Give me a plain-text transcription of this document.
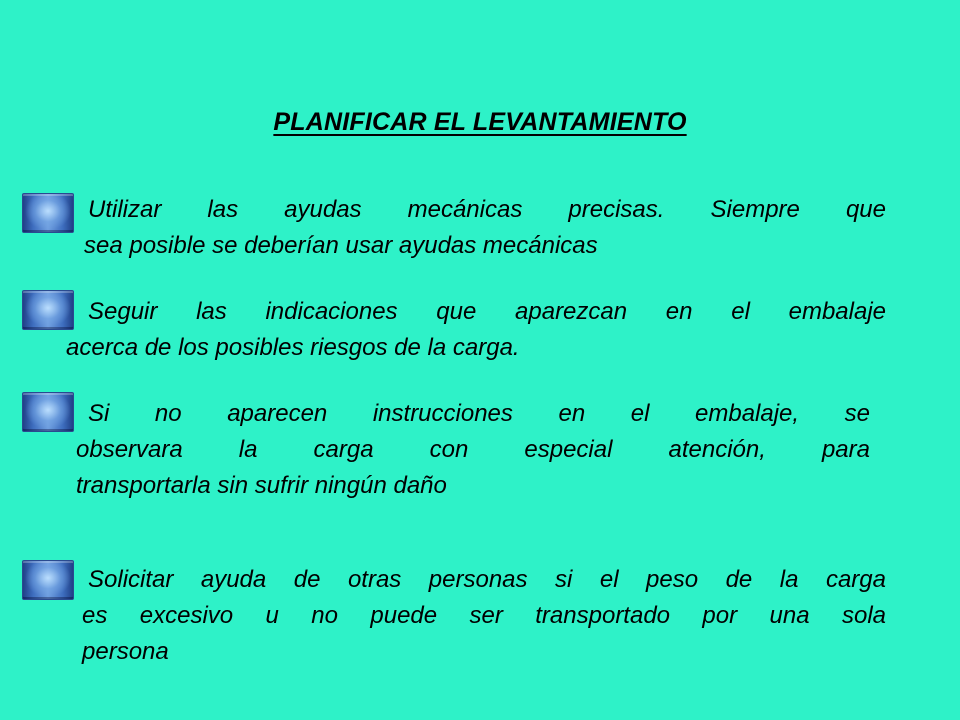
PLANIFICAR EL LEVANTAMIENTO

Utilizar las ayudas mecánicas precisas. Siempre que
sea posible se deberían usar ayudas mecánicas

Seguir las indicaciones que aparezcan en el embalaje
acerca de los posibles riesgos de la carga.

Si no aparecen instrucciones en el embalaje, se
observara la carga con especial atención, para
transportarla sin sufrir ningún daño

Solicitar ayuda de otras personas si el peso de la carga
es excesivo u no puede ser transportado por una sola
persona
